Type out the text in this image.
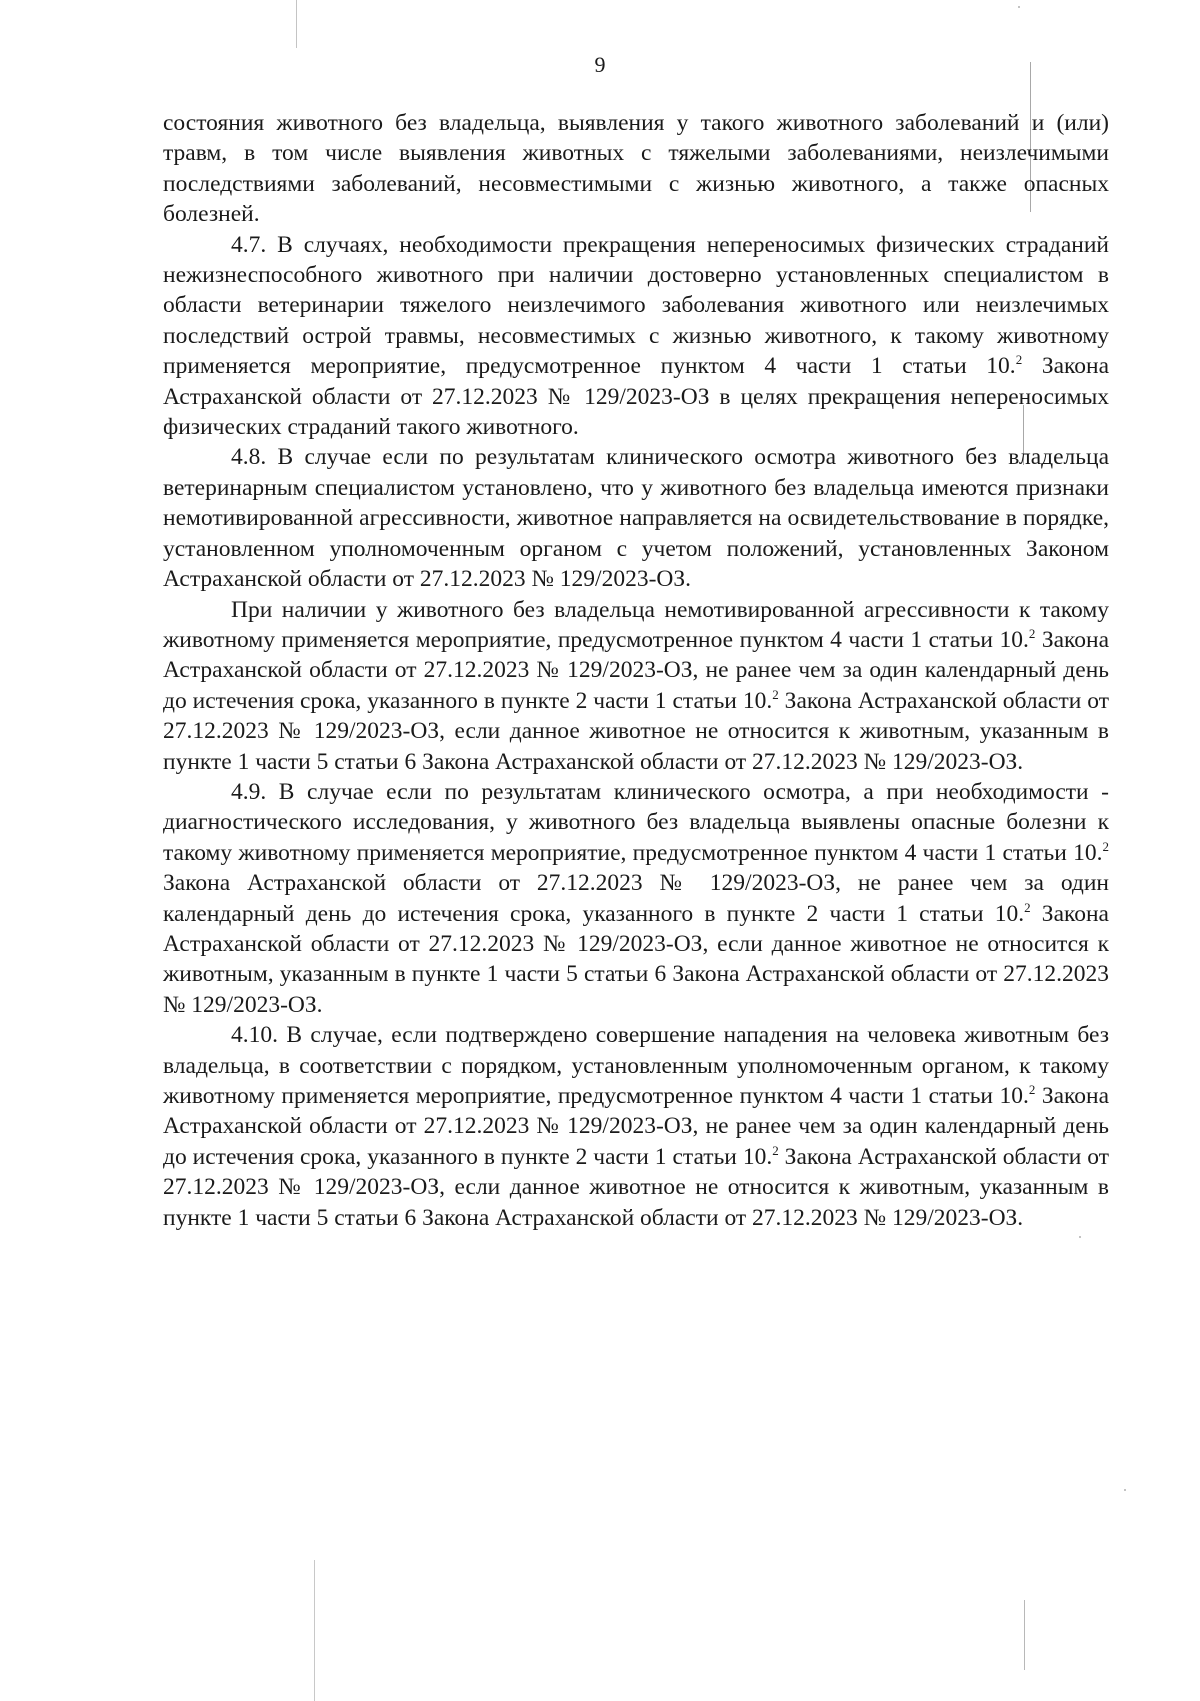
9

состояния животного без владельца, выявления у такого животного заболеваний и (или) травм, в том числе выявления животных с тяжелыми заболеваниями, неизлечимыми последствиями заболеваний, несовместимыми с жизнью животного, а также опасных болезней.

4.7. В случаях, необходимости прекращения непереносимых физических страданий нежизнеспособного животного при наличии достоверно установленных специалистом в области ветеринарии тяжелого неизлечимого заболевания животного или неизлечимых последствий острой травмы, несовместимых с жизнью животного, к такому животному применяется мероприятие, предусмотренное пунктом 4 части 1 статьи 10.$^2$ Закона Астраханской области от 27.12.2023 № 129/2023-ОЗ в целях прекращения непереносимых физических страданий такого животного.

4.8. В случае если по результатам клинического осмотра животного без владельца ветеринарным специалистом установлено, что у животного без владельца имеются признаки немотивированной агрессивности, животное направляется на освидетельствование в порядке, установленном уполномоченным органом с учетом положений, установленных Законом Астраханской области от 27.12.2023 № 129/2023-ОЗ.

При наличии у животного без владельца немотивированной агрессивности к такому животному применяется мероприятие, предусмотренное пунктом 4 части 1 статьи 10.$^2$ Закона Астраханской области от 27.12.2023 № 129/2023-ОЗ, не ранее чем за один календарный день до истечения срока, указанного в пункте 2 части 1 статьи 10.$^2$ Закона Астраханской области от 27.12.2023 № 129/2023-ОЗ, если данное животное не относится к животным, указанным в пункте 1 части 5 статьи 6 Закона Астраханской области от 27.12.2023 № 129/2023-ОЗ.

4.9. В случае если по результатам клинического осмотра, а при необходимости - диагностического исследования, у животного без владельца выявлены опасные болезни к такому животному применяется мероприятие, предусмотренное пунктом 4 части 1 статьи 10.$^2$ Закона Астраханской области от 27.12.2023 № 129/2023-ОЗ, не ранее чем за один календарный день до истечения срока, указанного в пункте 2 части 1 статьи 10.$^2$ Закона Астраханской области от 27.12.2023 № 129/2023-ОЗ, если данное животное не относится к животным, указанным в пункте 1 части 5 статьи 6 Закона Астраханской области от 27.12.2023 № 129/2023-ОЗ.

4.10. В случае, если подтверждено совершение нападения на человека животным без владельца, в соответствии с порядком, установленным уполномоченным органом, к такому животному применяется мероприятие, предусмотренное пунктом 4 части 1 статьи 10.$^2$ Закона Астраханской области от 27.12.2023 № 129/2023-ОЗ, не ранее чем за один календарный день до истечения срока, указанного в пункте 2 части 1 статьи 10.$^2$ Закона Астраханской области от 27.12.2023 № 129/2023-ОЗ, если данное животное не относится к животным, указанным в пункте 1 части 5 статьи 6 Закона Астраханской области от 27.12.2023 № 129/2023-ОЗ.
